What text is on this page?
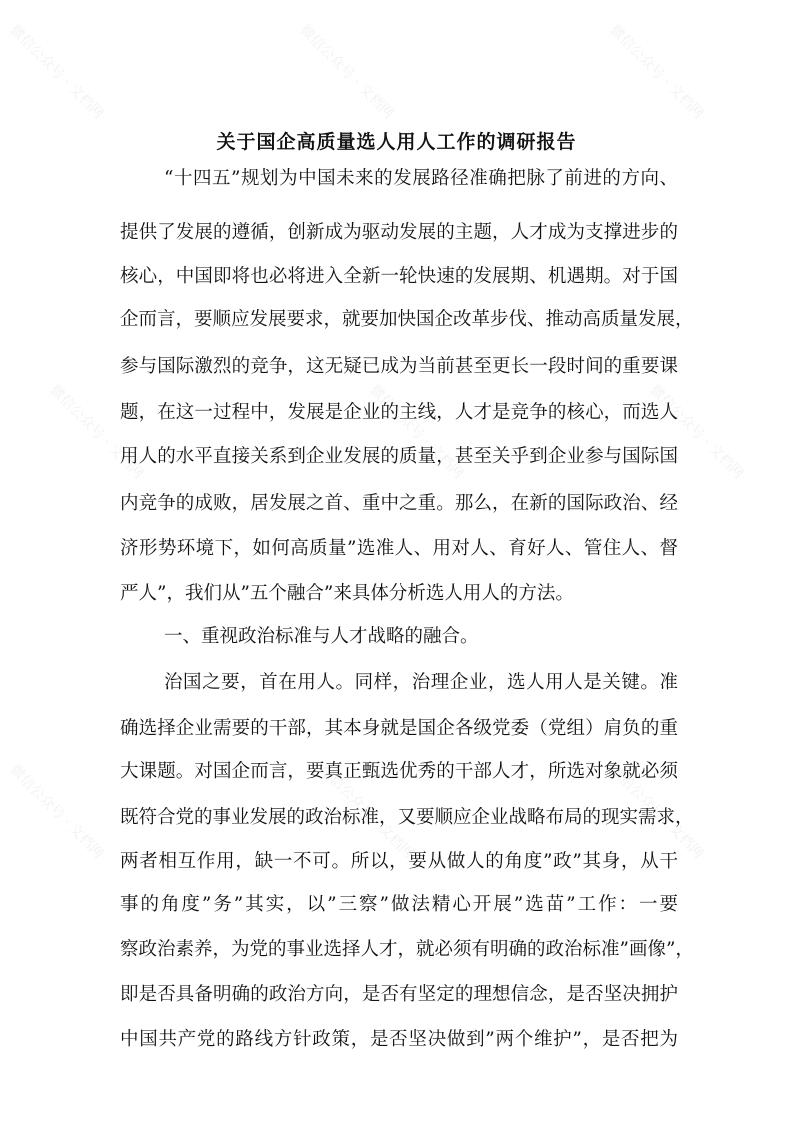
关于国企高质量选人用人工作的调研报告
“十四五”规划为中国未来的发展路径准确把脉了前进的方向、
提供了发展的遵循，创新成为驱动发展的主题，人才成为支撑进步的
核心，中国即将也必将进入全新一轮快速的发展期、机遇期。对于国
企而言，要顺应发展要求，就要加快国企改革步伐、推动高质量发展，
参与国际激烈的竞争，这无疑已成为当前甚至更长一段时间的重要课
题，在这一过程中，发展是企业的主线，人才是竞争的核心，而选人
用人的水平直接关系到企业发展的质量，甚至关乎到企业参与国际国
内竞争的成败，居发展之首、重中之重。那么，在新的国际政治、经
济形势环境下，如何高质量”选准人、用对人、育好人、管住人、督
严人”，我们从”五个融合”来具体分析选人用人的方法。
一、重视政治标准与人才战略的融合。
治国之要，首在用人。同样，治理企业，选人用人是关键。准
确选择企业需要的干部，其本身就是国企各级党委（党组）肩负的重
大课题。对国企而言，要真正甄选优秀的干部人才，所选对象就必须
既符合党的事业发展的政治标准，又要顺应企业战略布局的现实需求，
两者相互作用，缺一不可。所以，要从做人的角度”政”其身，从干
事的角度”务”其实，以”三察”做法精心开展”选苗”工作：一要
察政治素养，为党的事业选择人才，就必须有明确的政治标准”画像”，
即是否具备明确的政治方向，是否有坚定的理想信念，是否坚决拥护
中国共产党的路线方针政策，是否坚决做到”两个维护”，是否把为
微信公众号 · 文档网	微信公众号 · 文档网	微信公众号 · 文档网
微信公众号 · 文档网	微信公众号 · 文档网	微信公众号 · 文档网
微信公众号 · 文档网	微信公众号 · 文档网	微信公众号 · 文档网
